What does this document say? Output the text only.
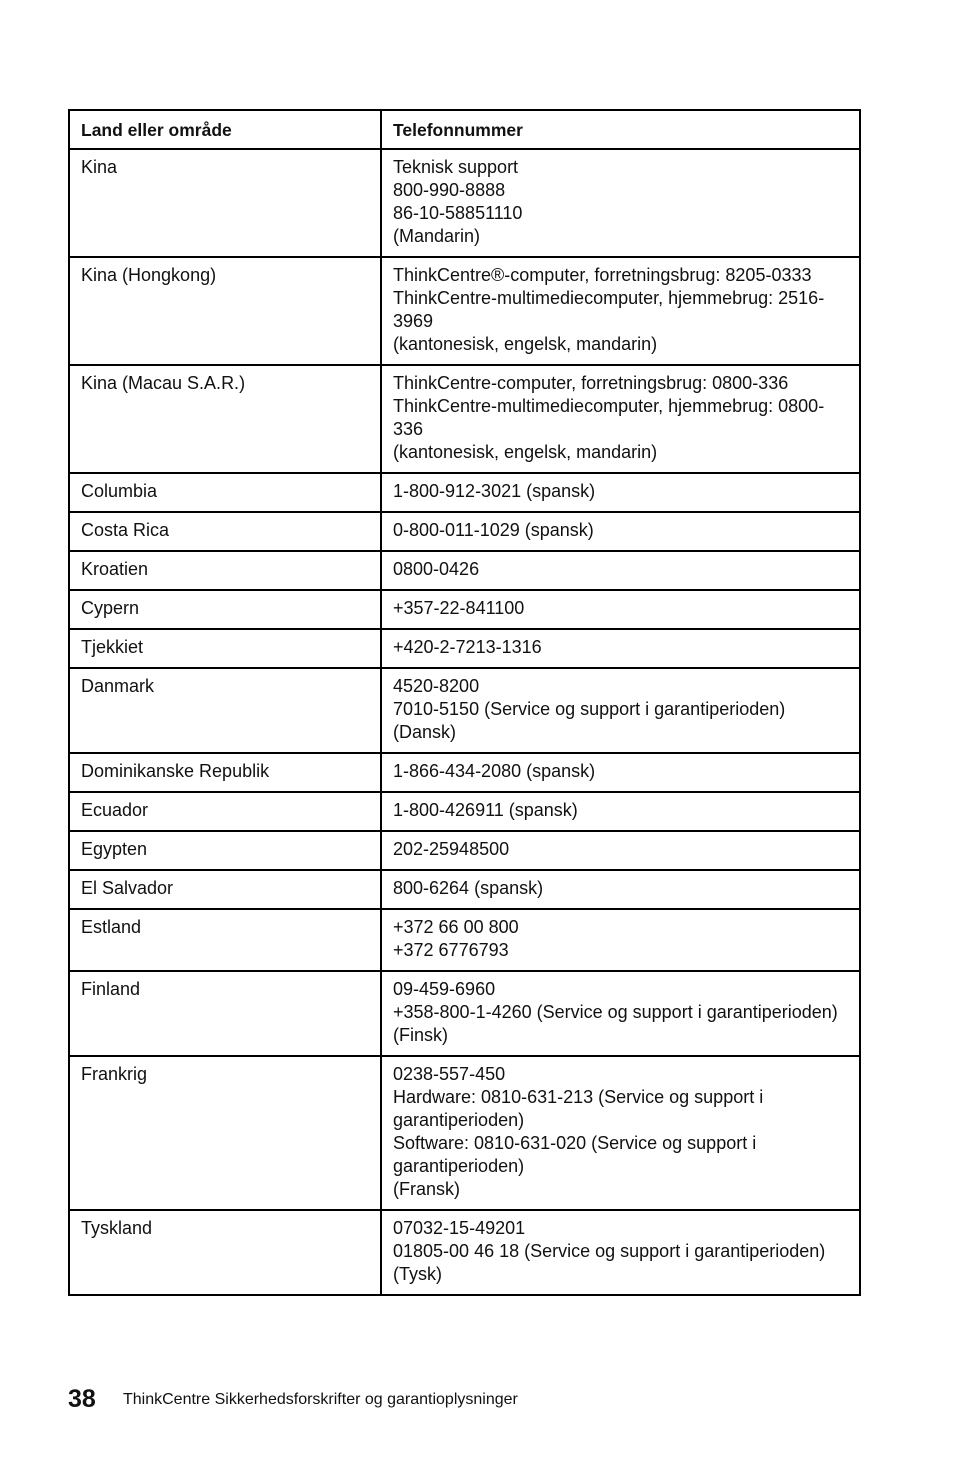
Land eller område	Telefonnummer
Kina	Teknisk support
800-990-8888
86-10-58851110
(Mandarin)

Kina (Hongkong)	ThinkCentre®-computer, forretningsbrug: 8205-0333
ThinkCentre-multimediecomputer, hjemmebrug: 2516-3969
(kantonesisk, engelsk, mandarin)

Kina (Macau S.A.R.)	ThinkCentre-computer, forretningsbrug: 0800-336
ThinkCentre-multimediecomputer, hjemmebrug: 0800-336
(kantonesisk, engelsk, mandarin)

Columbia	1-800-912-3021 (spansk)

Costa Rica	0-800-011-1029 (spansk)

Kroatien	0800-0426

Cypern	+357-22-841100

Tjekkiet	+420-2-7213-1316

Danmark	4520-8200
7010-5150 (Service og support i garantiperioden)
(Dansk)

Dominikanske Republik	1-866-434-2080 (spansk)

Ecuador	1-800-426911 (spansk)

Egypten	202-25948500

El Salvador	800-6264 (spansk)

Estland	+372 66 00 800
+372 6776793

Finland	09-459-6960
+358-800-1-4260 (Service og support i garantiperioden)
(Finsk)

Frankrig	0238-557-450
Hardware: 0810-631-213 (Service og support i garantiperioden)
Software: 0810-631-020 (Service og support i garantiperioden)
(Fransk)

Tyskland	07032-15-49201
01805-00 46 18 (Service og support i garantiperioden)
(Tysk)
38 ThinkCentre Sikkerhedsforskrifter og garantioplysninger
